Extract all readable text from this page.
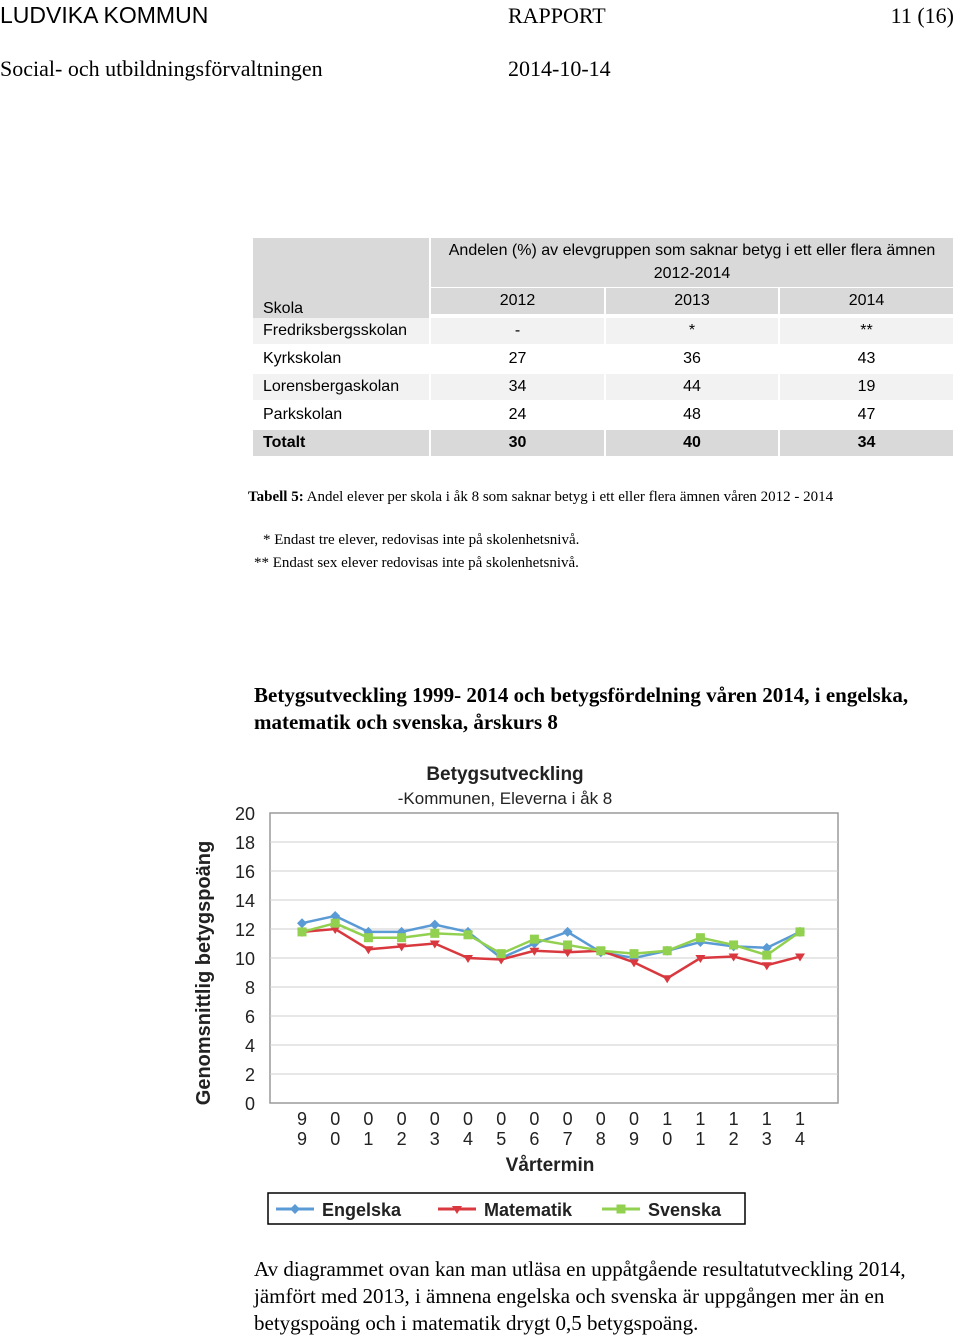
LUDVIKA KOMMUN	RAPPORT	11 (16)
Social- och utbildningsförvaltningen	2014-10-14
Skola
Andelen (%) av elevgruppen som saknar betyg i ett eller flera ämnen 2012-2014
2012	2013	2014
Fredriksbergsskolan	-	*	**
Kyrkskolan	27	36	43
Lorensbergaskolan	34	44	19
Parkskolan	24	48	47
Totalt	30	40	34
Tabell 5: Andel elever per skola i åk 8 som saknar betyg i ett eller flera ämnen våren 2012 - 2014
* Endast tre elever, redovisas inte på skolenhetsnivå.
** Endast sex elever redovisas inte på skolenhetsnivå.
Betygsutveckling 1999- 2014 och betygsfördelning våren 2014, i engelska, matematik och svenska, årskurs 8
Betygsutveckling
-Kommunen, Eleverna i åk 8
0
2
4
6
8
10
12
14
16
18
20
Genomsnittlig betygspoäng
9
9
0
0
0
1
0
2
0
3
0
4
0
5
0
6
0
7
0
8
0
9
1
0
1
1
1
2
1
3
1
4
Vårtermin
Engelska	Matematik	Svenska
Av diagrammet ovan kan man utläsa en uppåtgående resultatutveckling 2014, jämfört med 2013, i ämnena engelska och svenska är uppgången mer än en betygspoäng och i matematik drygt 0,5 betygspoäng.
